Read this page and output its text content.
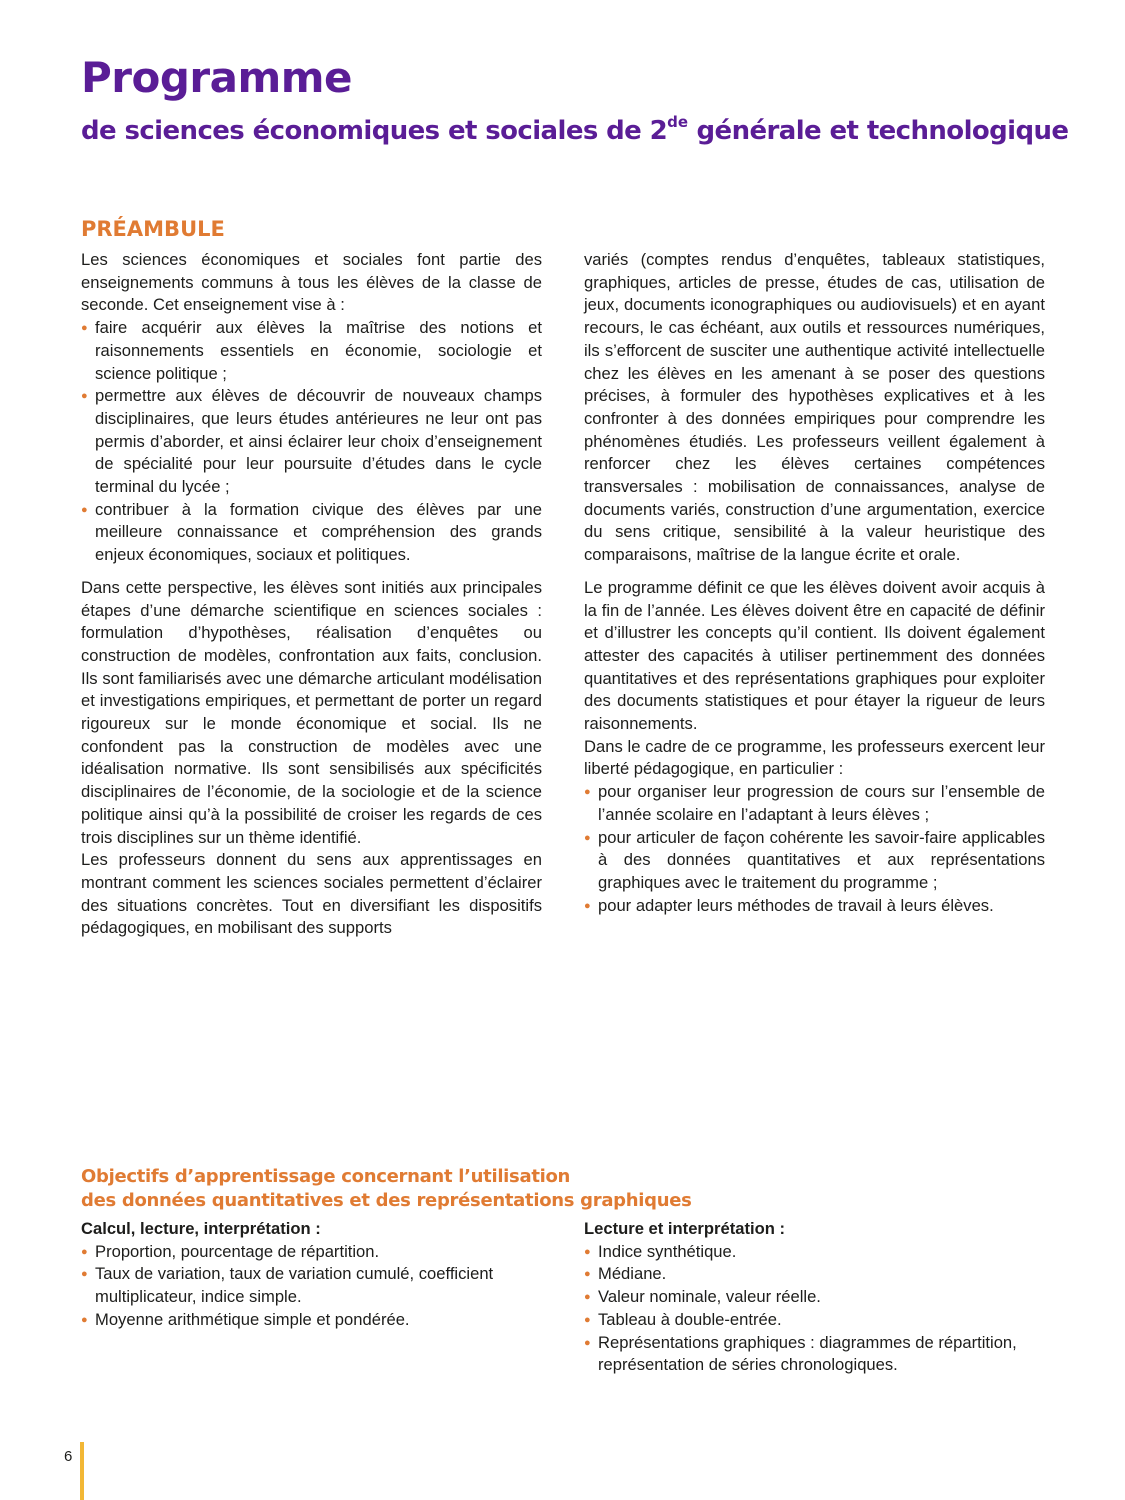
Programme
de sciences économiques et sociales de 2de générale et technologique
PRÉAMBULE

Les sciences économiques et sociales font partie des enseignements communs à tous les élèves de la classe de seconde. Cet enseignement vise à :

● faire acquérir aux élèves la maîtrise des notions et raisonnements essentiels en économie, sociologie et science politique ;
● permettre aux élèves de découvrir de nouveaux champs disciplinaires, que leurs études antérieures ne leur ont pas permis d’aborder, et ainsi éclairer leur choix d’enseignement de spécialité pour leur poursuite d’études dans le cycle terminal du lycée ;
● contribuer à la formation civique des élèves par une meilleure connaissance et compréhension des grands enjeux économiques, sociaux et politiques.

Dans cette perspective, les élèves sont initiés aux principales étapes d’une démarche scientifique en sciences sociales : formulation d’hypothèses, réalisation d’enquêtes ou construction de modèles, confrontation aux faits, conclusion. Ils sont familiarisés avec une démarche articulant modélisation et investigations empiriques, et permettant de porter un regard rigoureux sur le monde économique et social. Ils ne confondent pas la construction de modèles avec une idéalisation normative. Ils sont sensibilisés aux spécificités disciplinaires de l’économie, de la sociologie et de la science politique ainsi qu’à la possibilité de croiser les regards de ces trois disciplines sur un thème identifié.

Les professeurs donnent du sens aux apprentissages en montrant comment les sciences sociales permettent d’éclairer des situations concrètes. Tout en diversifiant les dispositifs pédagogiques, en mobilisant des supports

variés (comptes rendus d’enquêtes, tableaux statistiques, graphiques, articles de presse, études de cas, utilisation de jeux, documents iconographiques ou audiovisuels) et en ayant recours, le cas échéant, aux outils et ressources numériques, ils s’efforcent de susciter une authentique activité intellectuelle chez les élèves en les amenant à se poser des questions précises, à formuler des hypothèses explicatives et à les confronter à des données empiriques pour comprendre les phénomènes étudiés. Les professeurs veillent également à renforcer chez les élèves certaines compétences transversales : mobilisation de connaissances, analyse de documents variés, construction d’une argumentation, exercice du sens critique, sensibilité à la valeur heuristique des comparaisons, maîtrise de la langue écrite et orale.

Le programme définit ce que les élèves doivent avoir acquis à la fin de l’année. Les élèves doivent être en capacité de définir et d’illustrer les concepts qu’il contient. Ils doivent également attester des capacités à utiliser pertinemment des données quantitatives et des représentations graphiques pour exploiter des documents statistiques et pour étayer la rigueur de leurs raisonnements.

Dans le cadre de ce programme, les professeurs exercent leur liberté pédagogique, en particulier :

● pour organiser leur progression de cours sur l’ensemble de l’année scolaire en l’adaptant à leurs élèves ;
● pour articuler de façon cohérente les savoir-faire applicables à des données quantitatives et aux représentations graphiques avec le traitement du programme ;
● pour adapter leurs méthodes de travail à leurs élèves.
Objectifs d’apprentissage concernant l’utilisation
des données quantitatives et des représentations graphiques
Calcul, lecture, interprétation :
● Proportion, pourcentage de répartition.
● Taux de variation, taux de variation cumulé, coefficient multiplicateur, indice simple.
● Moyenne arithmétique simple et pondérée.
Lecture et interprétation :
● Indice synthétique.
● Médiane.
● Valeur nominale, valeur réelle.
● Tableau à double-entrée.
● Représentations graphiques : diagrammes de répartition, représentation de séries chronologiques.
6
